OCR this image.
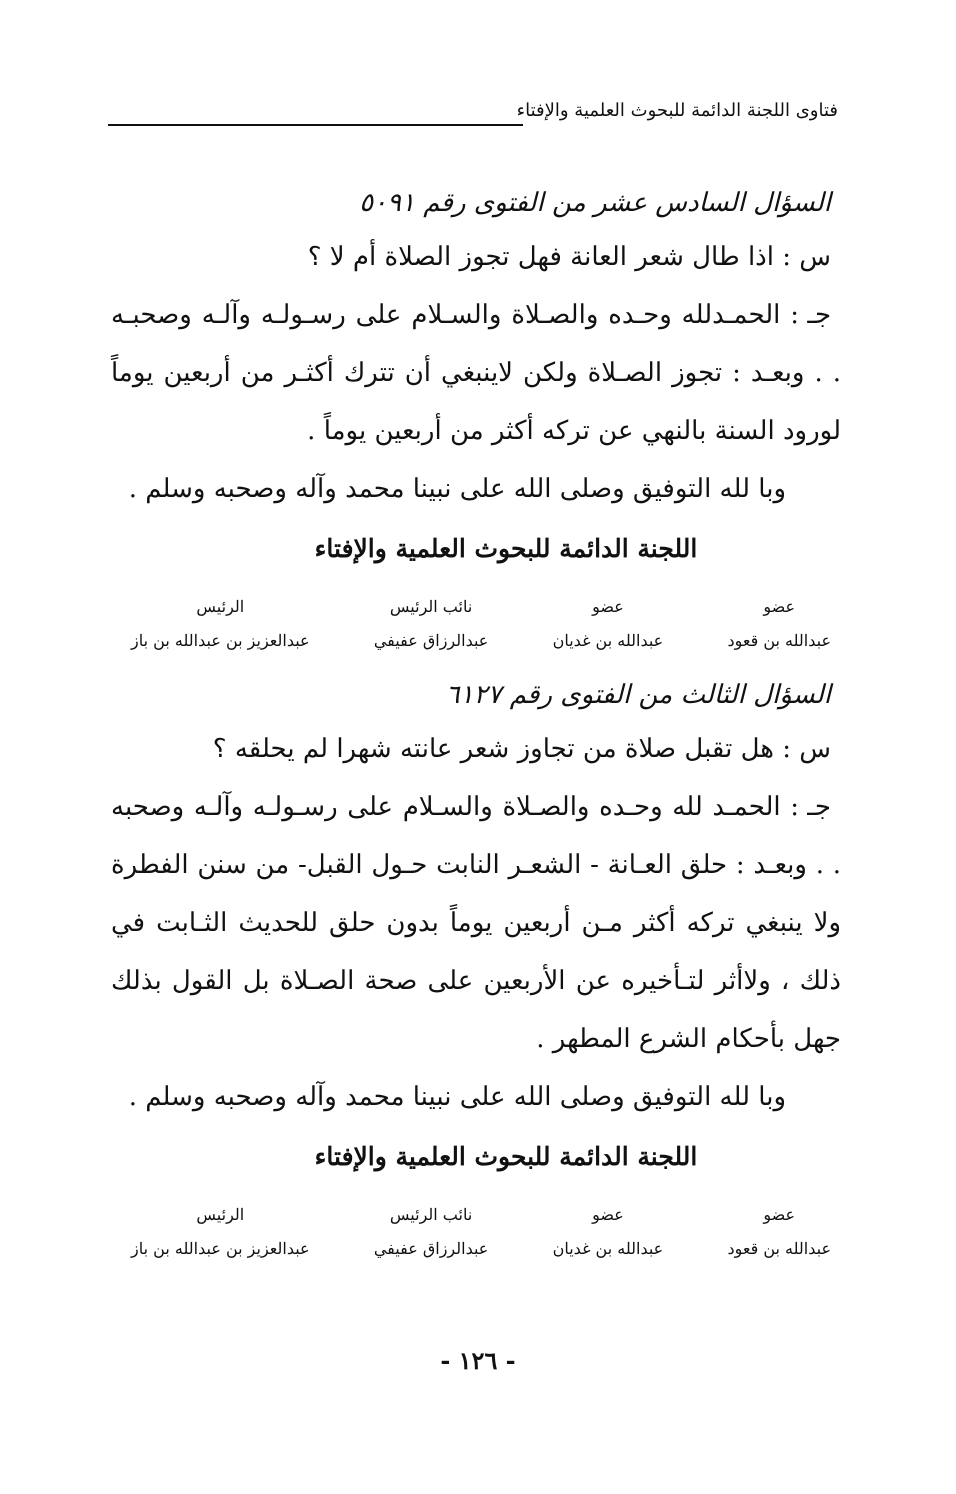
فتاوى اللجنة الدائمة للبحوث العلمية والإفتاء
السؤال السادس عشر من الفتوى رقم ٥٠٩١
س : اذا طال شعر العانة فهل تجوز الصلاة أم لا ؟
جـ : الحمـدلله وحـده والصـلاة والسـلام على رسـولـه وآلـه وصحبـه . . وبعـد : تجوز الصـلاة ولكن لاينبغي أن تترك أكثـر من أربعين يوماً لورود السنة بالنهي عن تركه أكثر من أربعين يوماً .
وبا لله التوفيق وصلى الله على نبينا محمد وآله وصحبه وسلم .
اللجنة الدائمة للبحوث العلمية والإفتاء
عضو
عبدالله بن قعود
عضو
عبدالله بن غديان
نائب الرئيس
عبدالرزاق عفيفي
الرئيس
عبدالعزيز بن عبدالله بن باز
السؤال الثالث من الفتوى رقم ٦١٢٧
س : هل تقبل صلاة من تجاوز شعر عانته شهرا لم يحلقه ؟
جـ : الحمـد لله وحـده والصـلاة والسـلام على رسـولـه وآلـه وصحبه . . وبعـد : حلق العـانة - الشعـر النابت حـول القبل- من سنن الفطرة ولا ينبغي تركه أكثر مـن أربعين يوماً بدون حلق للحديث الثـابت في ذلك ، ولاأثر لتـأخيره عن الأربعين على صحة الصـلاة بل القول بذلك جهل بأحكام الشرع المطهر .
وبا لله التوفيق وصلى الله على نبينا محمد وآله وصحبه وسلم .
اللجنة الدائمة للبحوث العلمية والإفتاء
عضو
عبدالله بن قعود
عضو
عبدالله بن غديان
نائب الرئيس
عبدالرزاق عفيفي
الرئيس
عبدالعزيز بن عبدالله بن باز
- ١٢٦ -
